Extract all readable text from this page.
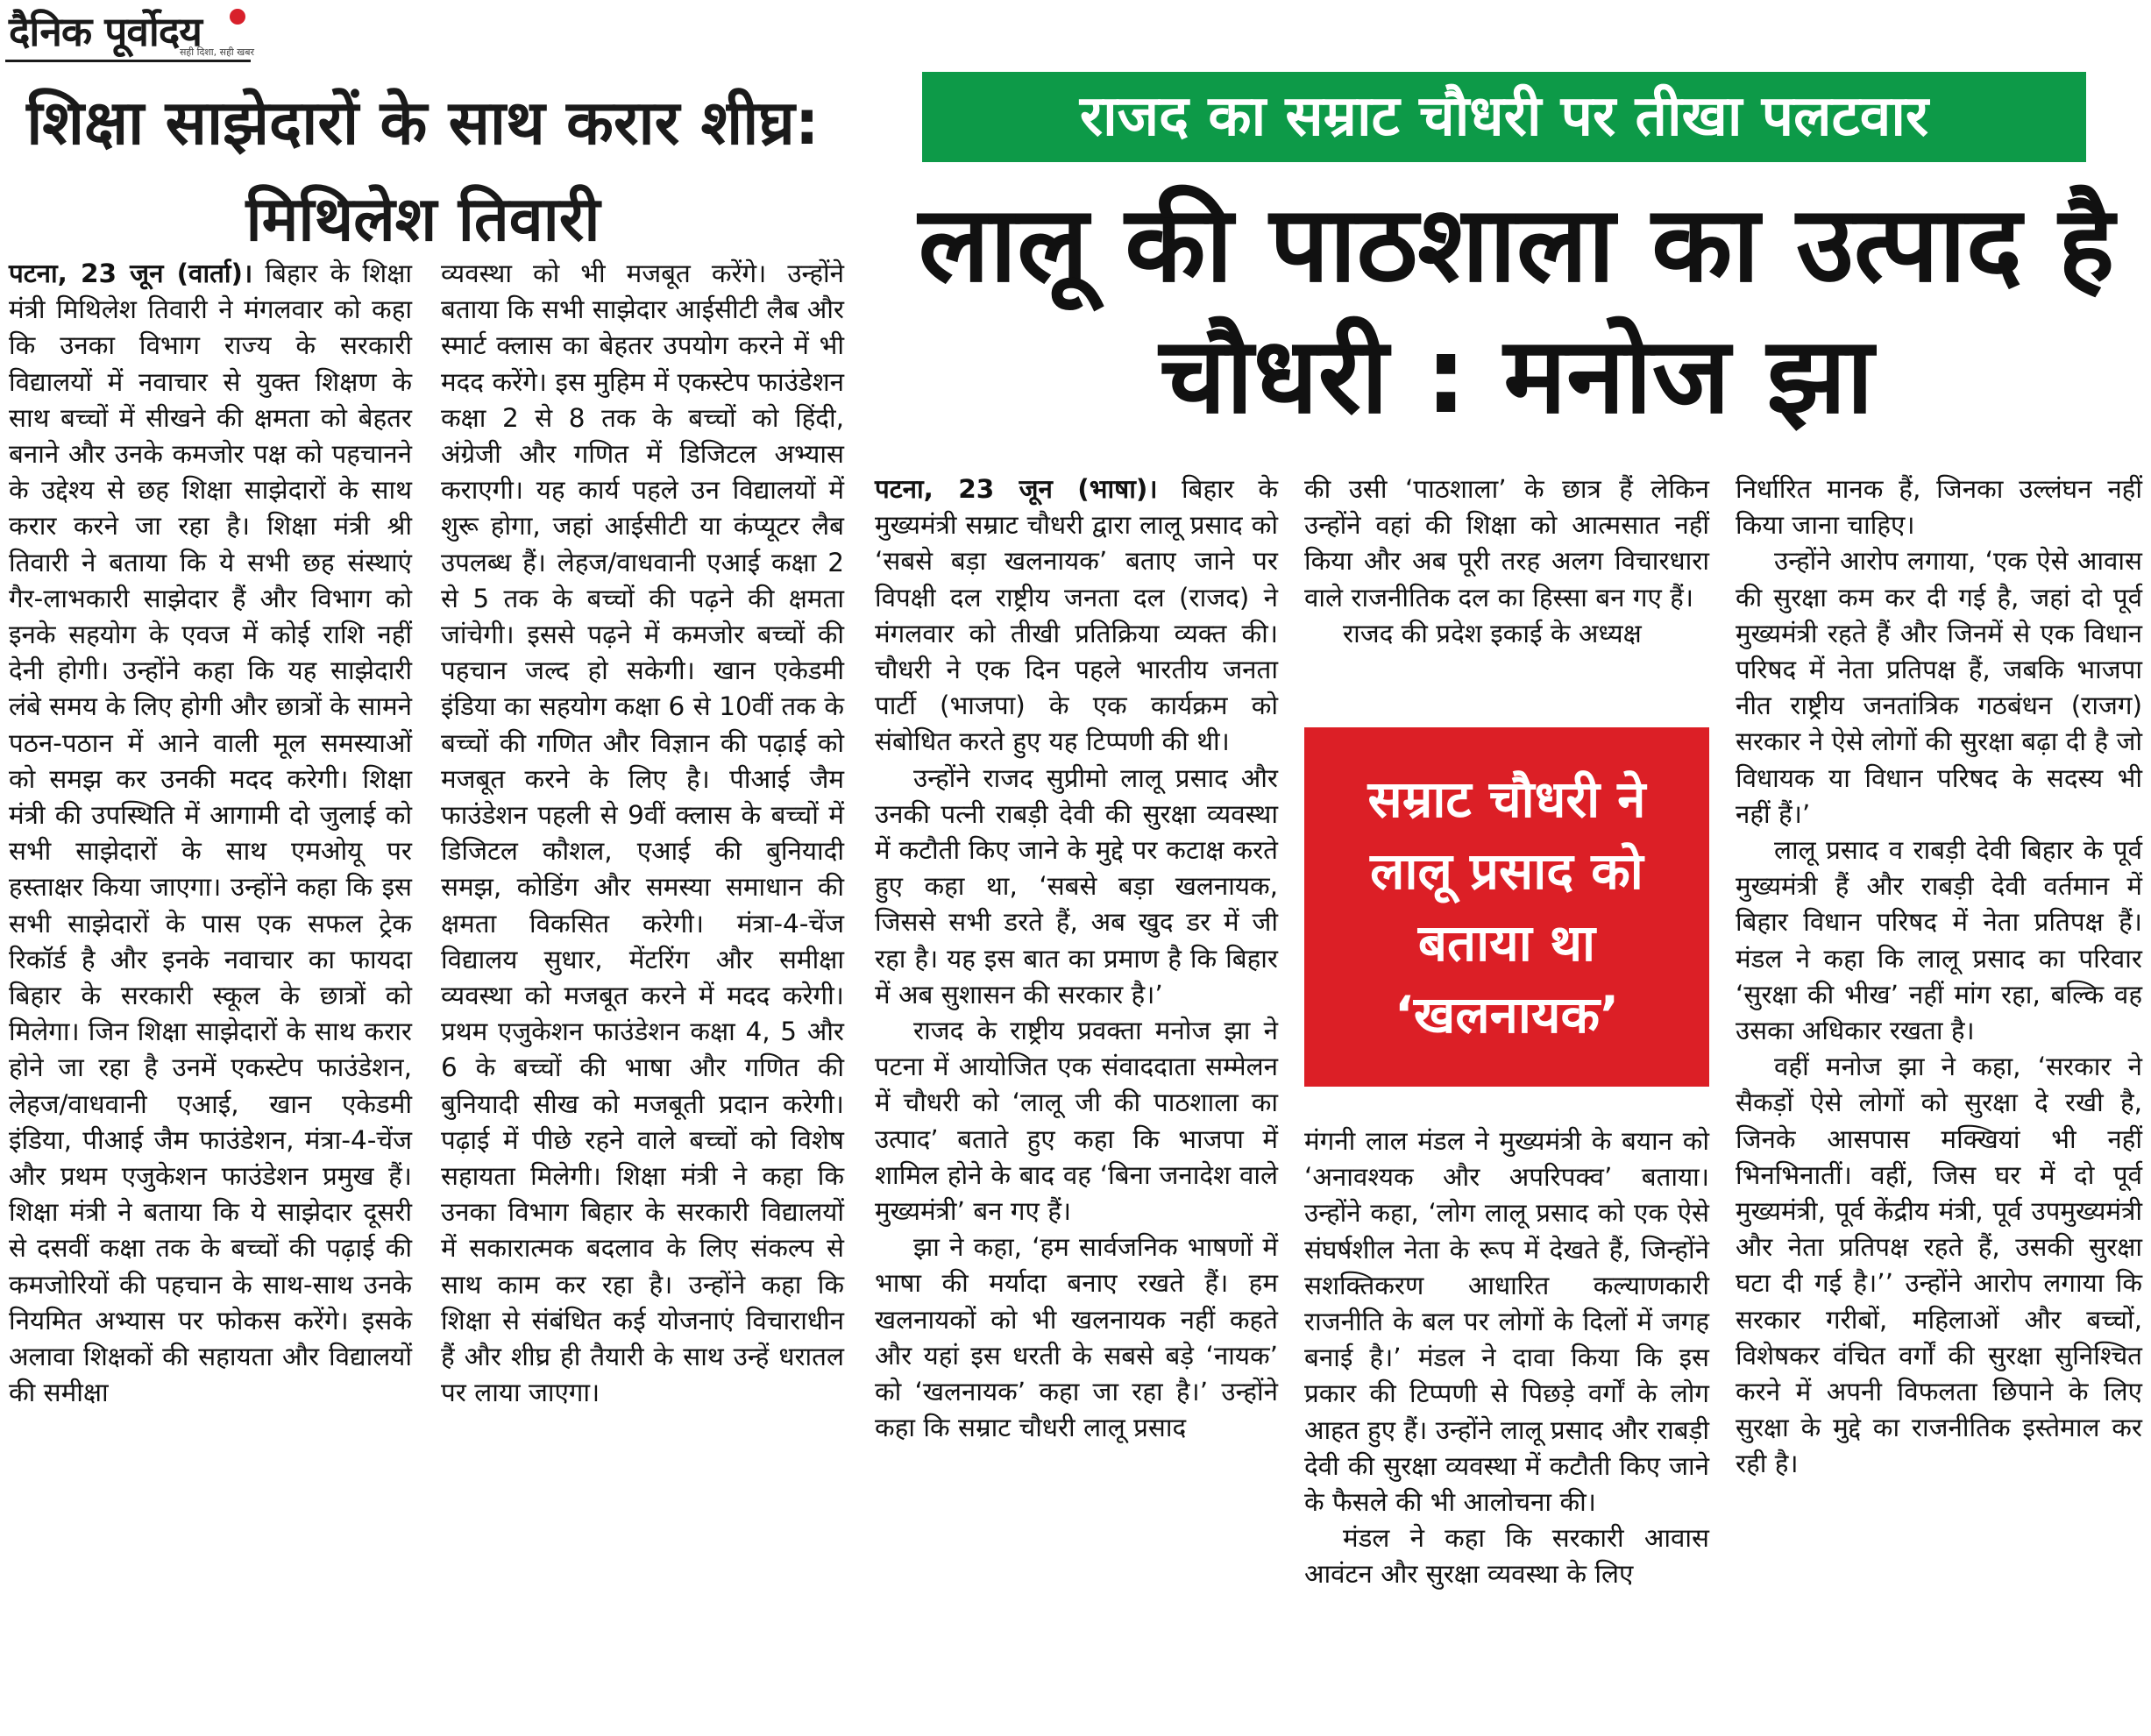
दैनिक पूर्वोदय
सही दिशा, सही खबर
शिक्षा साझेदारों के साथ करार शीघ्र: मिथिलेश तिवारी

पटना, 23 जून (वार्ता)। बिहार के शिक्षा मंत्री मिथिलेश तिवारी ने मंगलवार को कहा कि उनका विभाग राज्य के सरकारी विद्यालयों में नवाचार से युक्त शिक्षण के साथ बच्चों में सीखने की क्षमता को बेहतर बनाने और उनके कमजोर पक्ष को पहचानने के उद्देश्य से छह शिक्षा साझेदारों के साथ करार करने जा रहा है। शिक्षा मंत्री श्री तिवारी ने बताया कि ये सभी छह संस्थाएं गैर-लाभकारी साझेदार हैं और विभाग को इनके सहयोग के एवज में कोई राशि नहीं देनी होगी। उन्होंने कहा कि यह साझेदारी लंबे समय के लिए होगी और छात्रों के सामने पठन-पठान में आने वाली मूल समस्याओं को समझ कर उनकी मदद करेगी। शिक्षा मंत्री की उपस्थिति में आगामी दो जुलाई को सभी साझेदारों के साथ एमओयू पर हस्ताक्षर किया जाएगा। उन्होंने कहा कि इस सभी साझेदारों के पास एक सफल ट्रेक रिकॉर्ड है और इनके नवाचार का फायदा बिहार के सरकारी स्कूल के छात्रों को मिलेगा। जिन शिक्षा साझेदारों के साथ करार होने जा रहा है उनमें एकस्टेप फाउंडेशन, लेहज/वाधवानी एआई, खान एकेडमी इंडिया, पीआई जैम फाउंडेशन, मंत्रा-4-चेंज और प्रथम एजुकेशन फाउंडेशन प्रमुख हैं। शिक्षा मंत्री ने बताया कि ये साझेदार दूसरी से दसवीं कक्षा तक के बच्चों की पढ़ाई की कमजोरियों की पहचान के साथ-साथ उनके नियमित अभ्यास पर फोकस करेंगे। इसके अलावा शिक्षकों की सहायता और विद्यालयों की समीक्षा

व्यवस्था को भी मजबूत करेंगे। उन्होंने बताया कि सभी साझेदार आईसीटी लैब और स्मार्ट क्लास का बेहतर उपयोग करने में भी मदद करेंगे। इस मुहिम में एकस्टेप फाउंडेशन कक्षा 2 से 8 तक के बच्चों को हिंदी, अंग्रेजी और गणित में डिजिटल अभ्यास कराएगी। यह कार्य पहले उन विद्यालयों में शुरू होगा, जहां आईसीटी या कंप्यूटर लैब उपलब्ध हैं। लेहज/वाधवानी एआई कक्षा 2 से 5 तक के बच्चों की पढ़ने की क्षमता जांचेगी। इससे पढ़ने में कमजोर बच्चों की पहचान जल्द हो सकेगी। खान एकेडमी इंडिया का सहयोग कक्षा 6 से 10वीं तक के बच्चों की गणित और विज्ञान की पढ़ाई को मजबूत करने के लिए है। पीआई जैम फाउंडेशन पहली से 9वीं क्लास के बच्चों में डिजिटल कौशल, एआई की बुनियादी समझ, कोडिंग और समस्या समाधान की क्षमता विकसित करेगी। मंत्रा-4-चेंज विद्यालय सुधार, मेंटरिंग और समीक्षा व्यवस्था को मजबूत करने में मदद करेगी। प्रथम एजुकेशन फाउंडेशन कक्षा 4, 5 और 6 के बच्चों की भाषा और गणित की बुनियादी सीख को मजबूती प्रदान करेगी। पढ़ाई में पीछे रहने वाले बच्चों को विशेष सहायता मिलेगी। शिक्षा मंत्री ने कहा कि उनका विभाग बिहार के सरकारी विद्यालयों में सकारात्मक बदलाव के लिए संकल्प से साथ काम कर रहा है। उन्होंने कहा कि शिक्षा से संबंधित कई योजनाएं विचाराधीन हैं और शीघ्र ही तैयारी के साथ उन्हें धरातल पर लाया जाएगा।

राजद का सम्राट चौधरी पर तीखा पलटवार
लालू की पाठशाला का उत्पाद है चौधरी : मनोज झा

पटना, 23 जून (भाषा)। बिहार के मुख्यमंत्री सम्राट चौधरी द्वारा लालू प्रसाद को ‘सबसे बड़ा खलनायक’ बताए जाने पर विपक्षी दल राष्ट्रीय जनता दल (राजद) ने मंगलवार को तीखी प्रतिक्रिया व्यक्त की। चौधरी ने एक दिन पहले भारतीय जनता पार्टी (भाजपा) के एक कार्यक्रम को संबोधित करते हुए यह टिप्पणी की थी।

उन्होंने राजद सुप्रीमो लालू प्रसाद और उनकी पत्नी राबड़ी देवी की सुरक्षा व्यवस्था में कटौती किए जाने के मुद्दे पर कटाक्ष करते हुए कहा था, ‘सबसे बड़ा खलनायक, जिससे सभी डरते हैं, अब खुद डर में जी रहा है। यह इस बात का प्रमाण है कि बिहार में अब सुशासन की सरकार है।’

राजद के राष्ट्रीय प्रवक्ता मनोज झा ने पटना में आयोजित एक संवाददाता सम्मेलन में चौधरी को ‘लालू जी की पाठशाला का उत्पाद’ बताते हुए कहा कि भाजपा में शामिल होने के बाद वह ‘बिना जनादेश वाले मुख्यमंत्री’ बन गए हैं।

झा ने कहा, ‘हम सार्वजनिक भाषणों में भाषा की मर्यादा बनाए रखते हैं। हम खलनायकों को भी खलनायक नहीं कहते और यहां इस धरती के सबसे बड़े ‘नायक’ को ‘खलनायक’ कहा जा रहा है।’ उन्होंने कहा कि सम्राट चौधरी लालू प्रसाद

की उसी ‘पाठशाला’ के छात्र हैं लेकिन उन्होंने वहां की शिक्षा को आत्मसात नहीं किया और अब पूरी तरह अलग विचारधारा वाले राजनीतिक दल का हिस्सा बन गए हैं।

राजद की प्रदेश इकाई के अध्यक्ष

सम्राट चौधरी ने
लालू प्रसाद को
बताया था
‘खलनायक’

मंगनी लाल मंडल ने मुख्यमंत्री के बयान को ‘अनावश्यक और अपरिपक्व’ बताया। उन्होंने कहा, ‘लोग लालू प्रसाद को एक ऐसे संघर्षशील नेता के रूप में देखते हैं, जिन्होंने सशक्तिकरण आधारित कल्याणकारी राजनीति के बल पर लोगों के दिलों में जगह बनाई है।’ मंडल ने दावा किया कि इस प्रकार की टिप्पणी से पिछड़े वर्गों के लोग आहत हुए हैं। उन्होंने लालू प्रसाद और राबड़ी देवी की सुरक्षा व्यवस्था में कटौती किए जाने के फैसले की भी आलोचना की।

मंडल ने कहा कि सरकारी आवास आवंटन और सुरक्षा व्यवस्था के लिए

निर्धारित मानक हैं, जिनका उल्लंघन नहीं किया जाना चाहिए।

उन्होंने आरोप लगाया, ‘एक ऐसे आवास की सुरक्षा कम कर दी गई है, जहां दो पूर्व मुख्यमंत्री रहते हैं और जिनमें से एक विधान परिषद में नेता प्रतिपक्ष हैं, जबकि भाजपा नीत राष्ट्रीय जनतांत्रिक गठबंधन (राजग) सरकार ने ऐसे लोगों की सुरक्षा बढ़ा दी है जो विधायक या विधान परिषद के सदस्य भी नहीं हैं।’

लालू प्रसाद व राबड़ी देवी बिहार के पूर्व मुख्यमंत्री हैं और राबड़ी देवी वर्तमान में बिहार विधान परिषद में नेता प्रतिपक्ष हैं। मंडल ने कहा कि लालू प्रसाद का परिवार ‘सुरक्षा की भीख’ नहीं मांग रहा, बल्कि वह उसका अधिकार रखता है।

वहीं मनोज झा ने कहा, ‘सरकार ने सैकड़ों ऐसे लोगों को सुरक्षा दे रखी है, जिनके आसपास मक्खियां भी नहीं भिनभिनातीं। वहीं, जिस घर में दो पूर्व मुख्यमंत्री, पूर्व केंद्रीय मंत्री, पूर्व उपमुख्यमंत्री और नेता प्रतिपक्ष रहते हैं, उसकी सुरक्षा घटा दी गई है।’’ उन्होंने आरोप लगाया कि सरकार गरीबों, महिलाओं और बच्चों, विशेषकर वंचित वर्गों की सुरक्षा सुनिश्चित करने में अपनी विफलता छिपाने के लिए सुरक्षा के मुद्दे का राजनीतिक इस्तेमाल कर रही है।
